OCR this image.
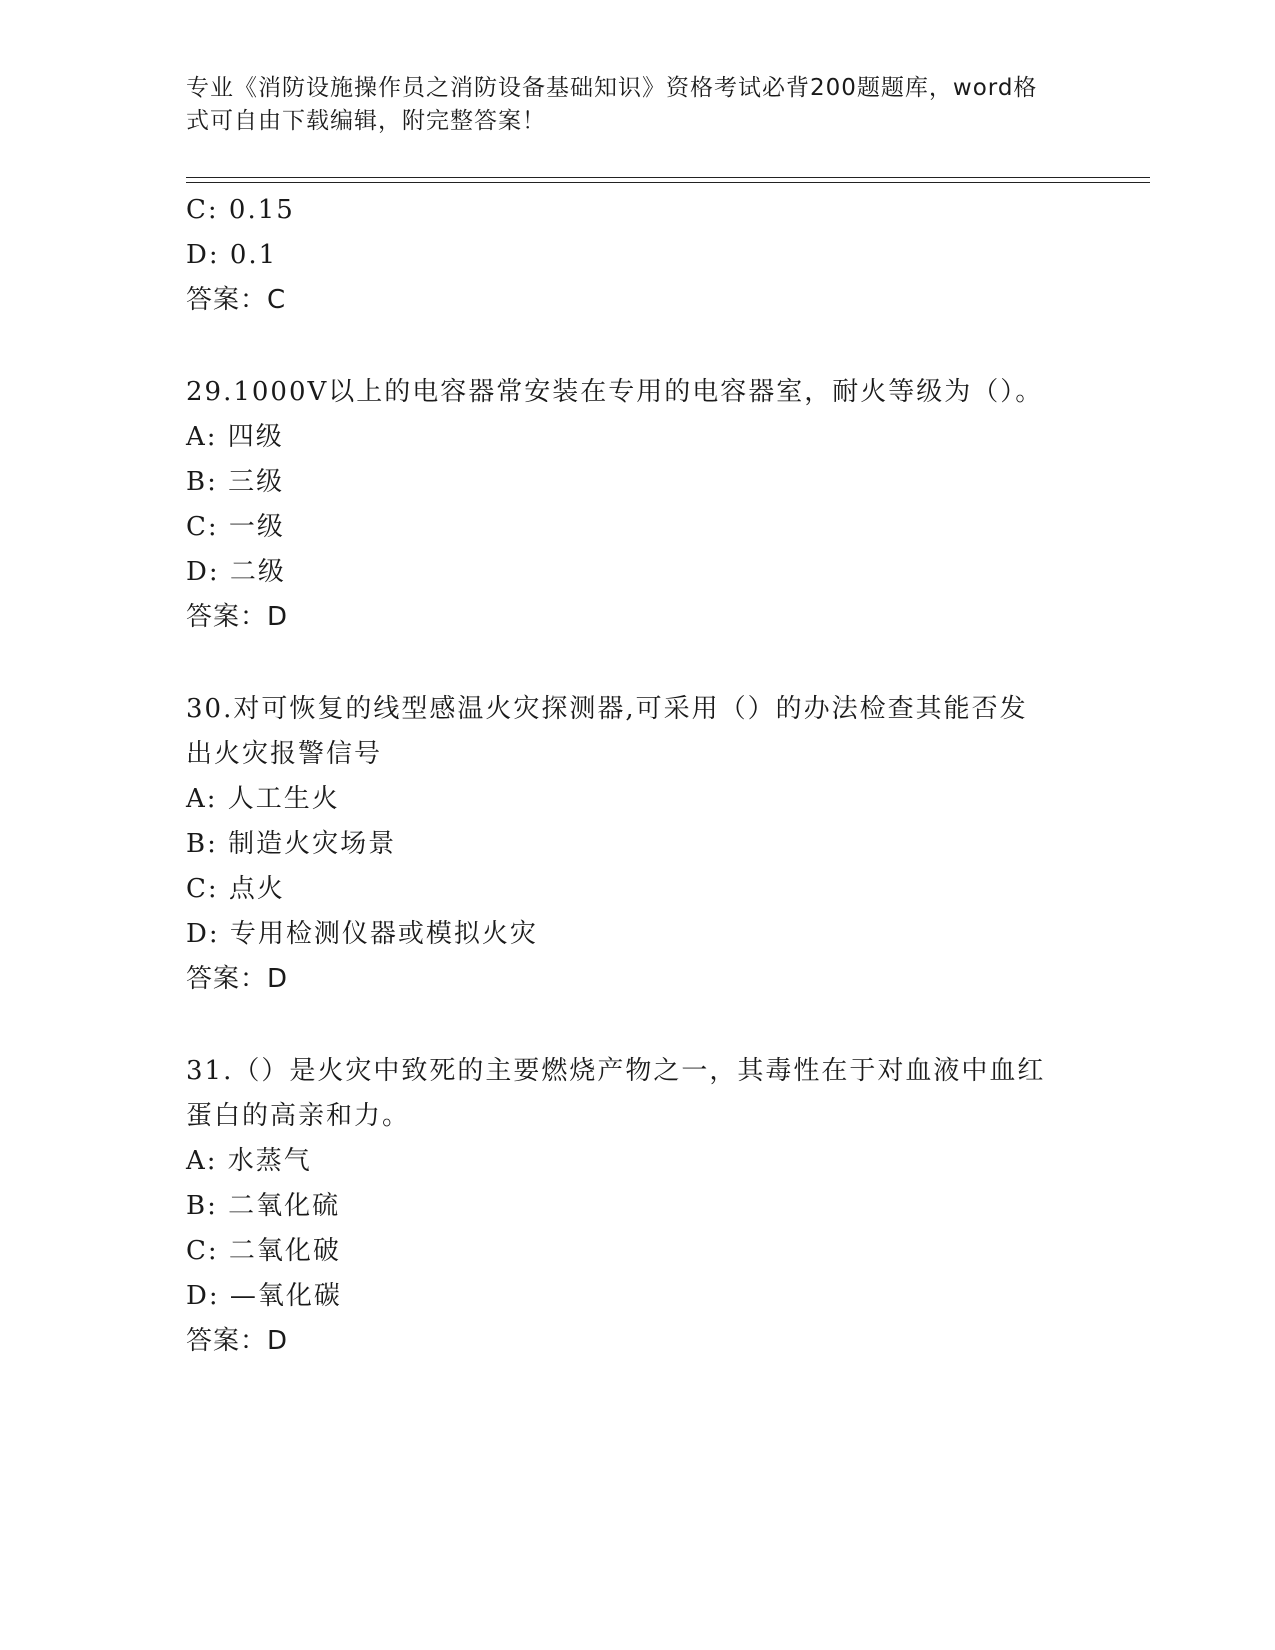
专业《消防设施操作员之消防设备基础知识》资格考试必背200题题库，word格
式可自由下载编辑，附完整答案！
C: 0.15
D: 0.1
答案：C
29.1000V以上的电容器常安装在专用的电容器室，耐火等级为（）。
A: 四级
B: 三级
C: 一级
D: 二级
答案：D
30.对可恢复的线型感温火灾探测器,可采用（）的办法检查其能否发
出火灾报警信号
A: 人工生火
B: 制造火灾场景
C: 点火
D: 专用检测仪器或模拟火灾
答案：D
31.（）是火灾中致死的主要燃烧产物之一，其毒性在于对血液中血红
蛋白的高亲和力。
A: 水蒸气
B: 二氧化硫
C: 二氧化破
D: —氧化碳
答案：D
